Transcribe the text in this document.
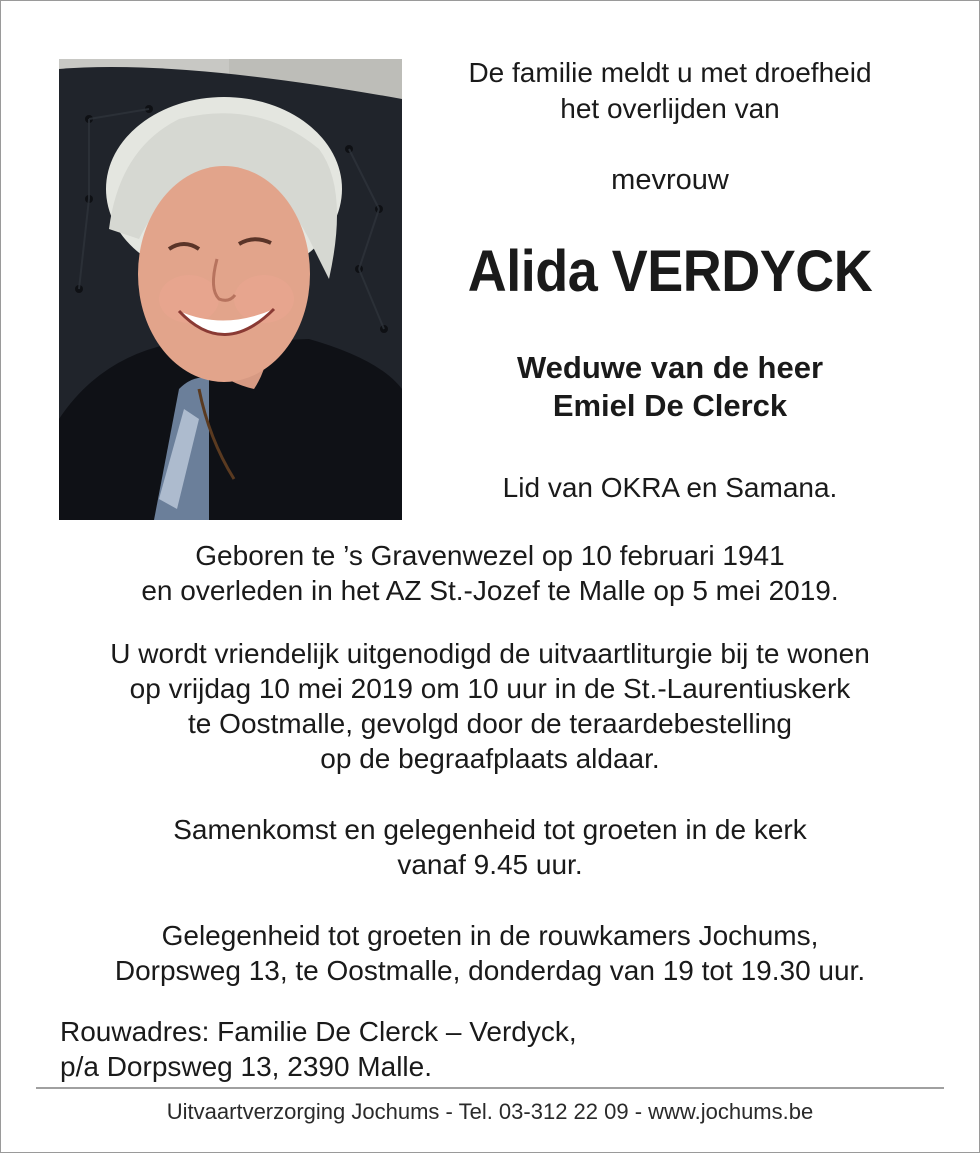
De familie meldt u met droefheid
het overlijden van
mevrouw
Alida VERDYCK
Weduwe van de heer
Emiel De Clerck
Lid van OKRA en Samana.
Geboren te ’s Gravenwezel op 10 februari 1941
en overleden in het AZ St.-Jozef te Malle op 5 mei 2019.
U wordt vriendelijk uitgenodigd de uitvaartliturgie bij te wonen
op vrijdag 10 mei 2019 om 10 uur in de St.-Laurentiuskerk
te Oostmalle, gevolgd door de teraardebestelling
op de begraafplaats aldaar.
Samenkomst en gelegenheid tot groeten in de kerk
vanaf 9.45 uur.
Gelegenheid tot groeten in de rouwkamers Jochums,
Dorpsweg 13, te Oostmalle, donderdag van 19 tot 19.30 uur.
Rouwadres: Familie De Clerck – Verdyck,
p/a Dorpsweg 13, 2390 Malle.
Uitvaartverzorging Jochums - Tel. 03-312 22 09 - www.jochums.be
